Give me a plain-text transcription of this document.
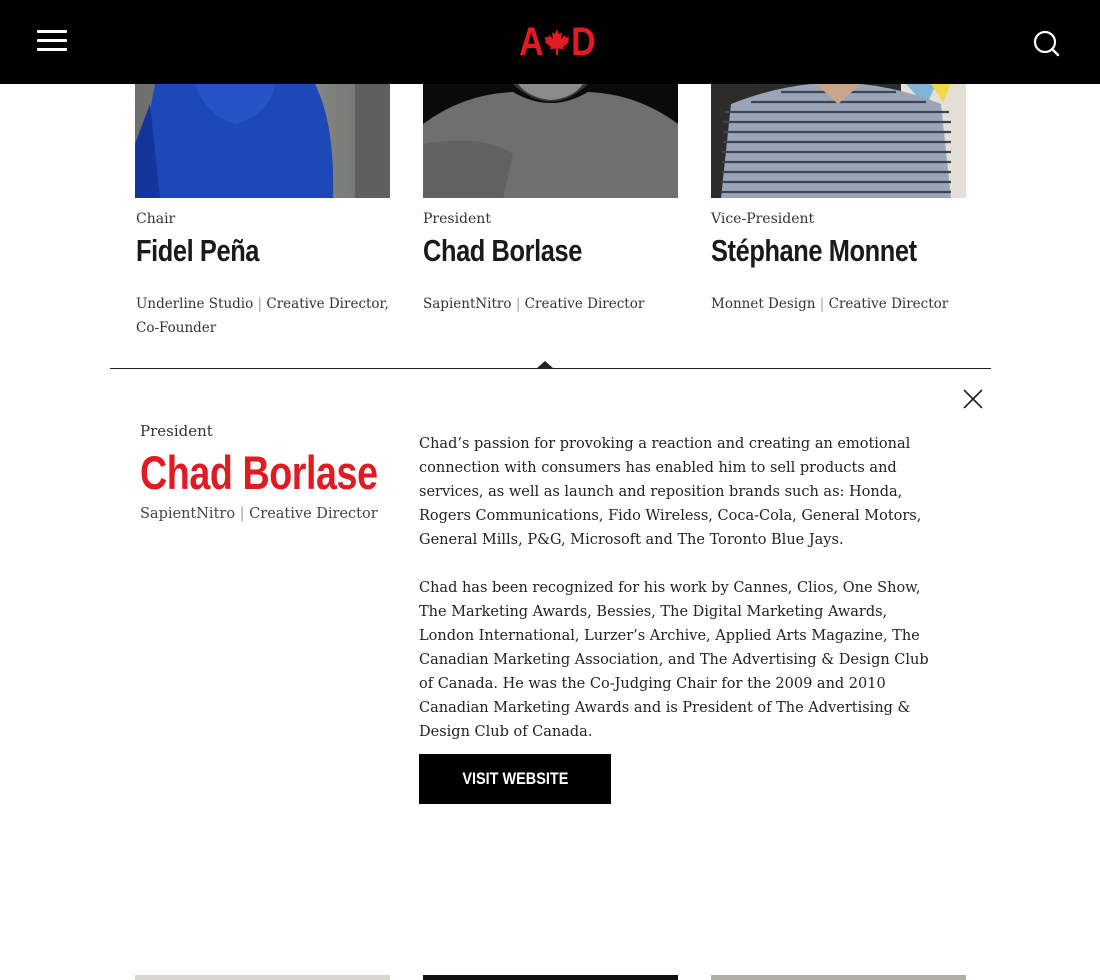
A D
Chair
Fidel Peña
Underline Studio | Creative Director, Co-Founder
President
Chad Borlase
SapientNitro | Creative Director
Vice-President
Stéphane Monnet
Monnet Design | Creative Director
President
Chad Borlase
SapientNitro | Creative Director

Chad’s passion for provoking a reaction and creating an emotional connection with consumers has enabled him to sell products and services, as well as launch and reposition brands such as: Honda, Rogers Communications, Fido Wireless, Coca-Cola, General Motors, General Mills, P&G, Microsoft and The Toronto Blue Jays.

Chad has been recognized for his work by Cannes, Clios, One Show, The Marketing Awards, Bessies, The Digital Marketing Awards, London International, Lurzer’s Archive, Applied Arts Magazine, The Canadian Marketing Association, and The Advertising & Design Club of Canada. He was the Co-Judging Chair for the 2009 and 2010 Canadian Marketing Awards and is President of The Advertising & Design Club of Canada.

VISIT WEBSITE
